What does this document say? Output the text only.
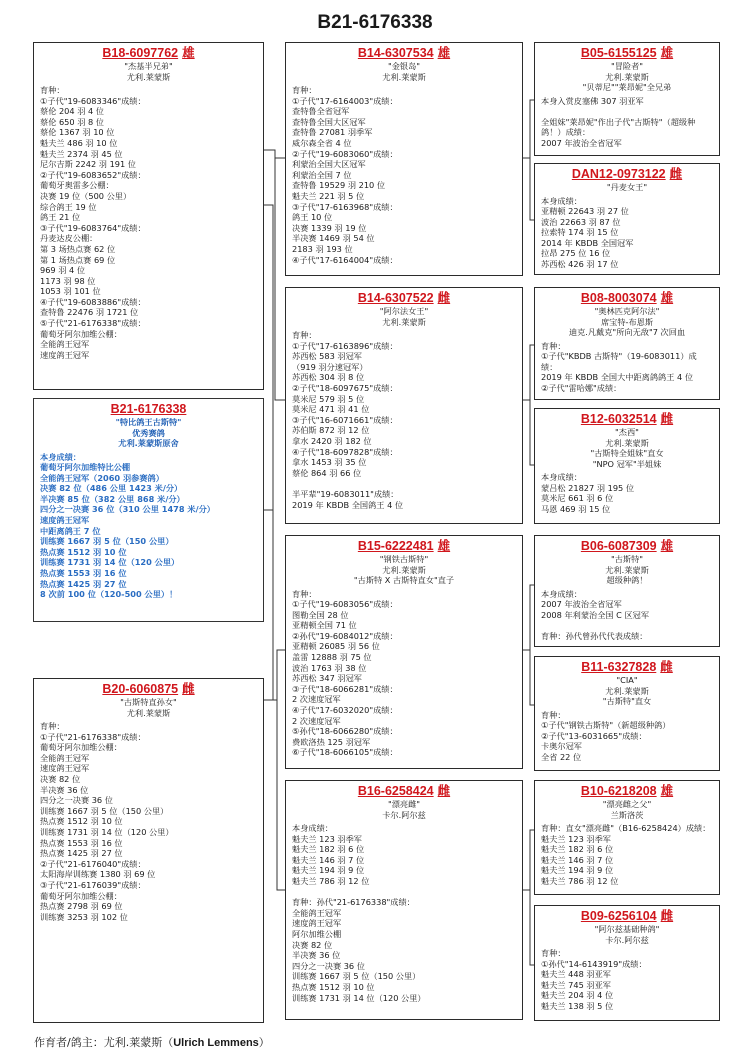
B21-6176338
B18-6097762 雄
"杰基半兄弟"
尤利.莱蒙斯
育种：
①子代"19-6083346"成绩：
蔡伦 204 羽 4 位
蔡伦 650 羽 8 位
蔡伦 1367 羽 10 位
魁夫兰 486 羽 10 位
魁夫兰 2374 羽 45 位
尼尔吉斯 2242 羽 191 位
②子代"19-6083652"成绩：
葡萄牙奥雷多公棚：
决赛 19 位（500 公里）
综合鸽王 19 位
鸽王 21 位
③子代"19-6083764"成绩：
丹麦达皮公棚：
第 3 场热点赛 62 位
第 1 场热点赛 69 位
969 羽 4 位
1173 羽 98 位
1053 羽 101 位
④子代"19-6083886"成绩：
查特鲁 22476 羽 1721 位
⑤子代"21-6176338"成绩：
葡萄牙阿尔加维公棚：
全能鸽王冠军
速度鸽王冠军
B21-6176338
"特比鸽王古斯特"
优秀赛鸽
尤利.莱蒙斯原舍
本身成绩：
葡萄牙阿尔加维特比公棚
全能鸽王冠军（2060 羽参赛鸽）
决赛 82 位（486 公里 1423 米/分）
半决赛 85 位（382 公里 868 米/分）
四分之一决赛 36 位（310 公里 1478 米/分）
速度鸽王冠军
中距离鸽王 7 位
训练赛 1667 羽 5 位（150 公里）
热点赛 1512 羽 10 位
训练赛 1731 羽 14 位（120 公里）
热点赛 1553 羽 16 位
热点赛 1425 羽 27 位
8 次前 100 位（120-500 公里）！
B20-6060875 雌
"古斯特直孙女"
尤利.莱蒙斯
育种：
①子代"21-6176338"成绩：
葡萄牙阿尔加维公棚：
全能鸽王冠军
速度鸽王冠军
决赛 82 位
半决赛 36 位
四分之一决赛 36 位
训练赛 1667 羽 5 位（150 公里）
热点赛 1512 羽 10 位
训练赛 1731 羽 14 位（120 公里）
热点赛 1553 羽 16 位
热点赛 1425 羽 27 位
②子代"21-6176040"成绩：
太阳海岸训练赛 1380 羽 69 位
③子代"21-6176039"成绩：
葡萄牙阿尔加维公棚：
热点赛 2798 羽 69 位
训练赛 3253 羽 102 位
B14-6307534 雄
"金银岛"
尤利.莱蒙斯
育种：
①子代"17-6164003"成绩：
查特鲁全省冠军
查特鲁全国大区冠军
查特鲁 27081 羽季军
威尔森全省 4 位
②子代"19-6083060"成绩：
利蒙治全国大区冠军
利蒙治全国 7 位
查特鲁 19529 羽 210 位
魁夫兰 221 羽 5 位
③子代"17-6163968"成绩：
鸽王 10 位
决赛 1339 羽 19 位
半决赛 1469 羽 54 位
2183 羽 193 位
④子代"17-6164004"成绩：
B14-6307522 雌
"阿尔法女王"
尤利.莱蒙斯
育种：
①子代"17-6163896"成绩：
苏西松 583 羽冠军
（919 羽分速冠军）
苏西松 304 羽 8 位
②子代"18-6097675"成绩：
莫米尼 579 羽 5 位
莫米尼 471 羽 41 位
③子代"16-6071661"成绩：
苏伯斯 872 羽 12 位
拿水 2420 羽 182 位
④子代"18-6097828"成绩：
拿水 1453 羽 35 位
蔡伦 864 羽 66 位
半平辈"19-6083011"成绩：
2019 年 KBDB 全国鸽王 4 位
B15-6222481 雄
"钢铁古斯特"
尤利.莱蒙斯
"古斯特 X 古斯特直女"直子
育种：
①子代"19-6083056"成绩：
图勒全国 28 位
亚精顿全国 71 位
②孙代"19-6084012"成绩：
亚精顿 26085 羽 56 位
盖雷 12888 羽 75 位
波治 1763 羽 38 位
苏西松 347 羽冠军
③子代"18-6066281"成绩：
2 次速度冠军
④子代"17-6032020"成绩：
2 次速度冠军
⑤孙代"18-6066280"成绩：
费欧洛热 125 羽冠军
⑥子代"18-6066105"成绩：
B16-6258424 雌
"漂亮雌"
卡尔.阿尔兹
本身成绩：
魁夫兰 123 羽季军
魁夫兰 182 羽 6 位
魁夫兰 146 羽 7 位
魁夫兰 194 羽 9 位
魁夫兰 786 羽 12 位
育种：孙代"21-6176338"成绩：
全能鸽王冠军
速度鸽王冠军
阿尔加维公棚
决赛 82 位
半决赛 36 位
四分之一决赛 36 位
训练赛 1667 羽 5 位（150 公里）
热点赛 1512 羽 10 位
训练赛 1731 羽 14 位（120 公里）
B05-6155125 雄
"冒险者"
尤利.莱蒙斯
"贝蒂尼""莱昂妮"全兄弟
本身入赏皮塞佛 307 羽亚军
全姐妹"莱昂妮"作出子代"古斯特"（超级种
鸽！）成绩：
2007 年波治全省冠军
DAN12-0973122 雌
"丹麦女王"
本身成绩：
亚精顿 22643 羽 27 位
波治 22663 羽 87 位
拉索特 174 羽 15 位
2014 年 KBDB 全国冠军
拉昂 275 位 16 位
苏西松 426 羽 17 位
B08-8003074 雄
"奥林匹克阿尔法"
席宝特-布恩斯
迪克.凡戴克"所向无敌"7 次回血
育种：
①子代"KBDB 古斯特"（19-6083011）成
绩：
2019 年 KBDB 全国大中距离鸽鸽王 4 位
②子代"雷哈娜"成绩：
B12-6032514 雌
"杰西"
尤利.莱蒙斯
"古斯特全姐妹"直女
"NPO 冠军"半姐妹
本身成绩：
蒙吕松 21827 羽 195 位
莫米尼 661 羽 6 位
马恩 469 羽 15 位
B06-6087309 雄
"古斯特"
尤利.莱蒙斯
超级种鸽！
本身成绩：
2007 年波治全省冠军
2008 年利蒙治全国 C 区冠军
育种：孙代曾孙代代表成绩：
B11-6327828 雌
"CIA"
尤利.莱蒙斯
"古斯特"直女
育种：
①子代"钢铁古斯特"（新超级种鸽）
②子代"13-6031665"成绩：
卡奥尔冠军
全省 22 位
B10-6218208 雄
"漂亮雌之父"
兰斯洛茨
育种：直女"漂亮雌"（B16-6258424）成绩：
魁夫兰 123 羽季军
魁夫兰 182 羽 6 位
魁夫兰 146 羽 7 位
魁夫兰 194 羽 9 位
魁夫兰 786 羽 12 位
B09-6256104 雌
"阿尔兹基础种鸽"
卡尔.阿尔兹
育种：
①孙代"14-6143919"成绩：
魁夫兰 448 羽亚军
魁夫兰 745 羽亚军
魁夫兰 204 羽 4 位
魁夫兰 138 羽 5 位
作育者/鸽主：尤利.莱蒙斯（Ulrich Lemmens）
